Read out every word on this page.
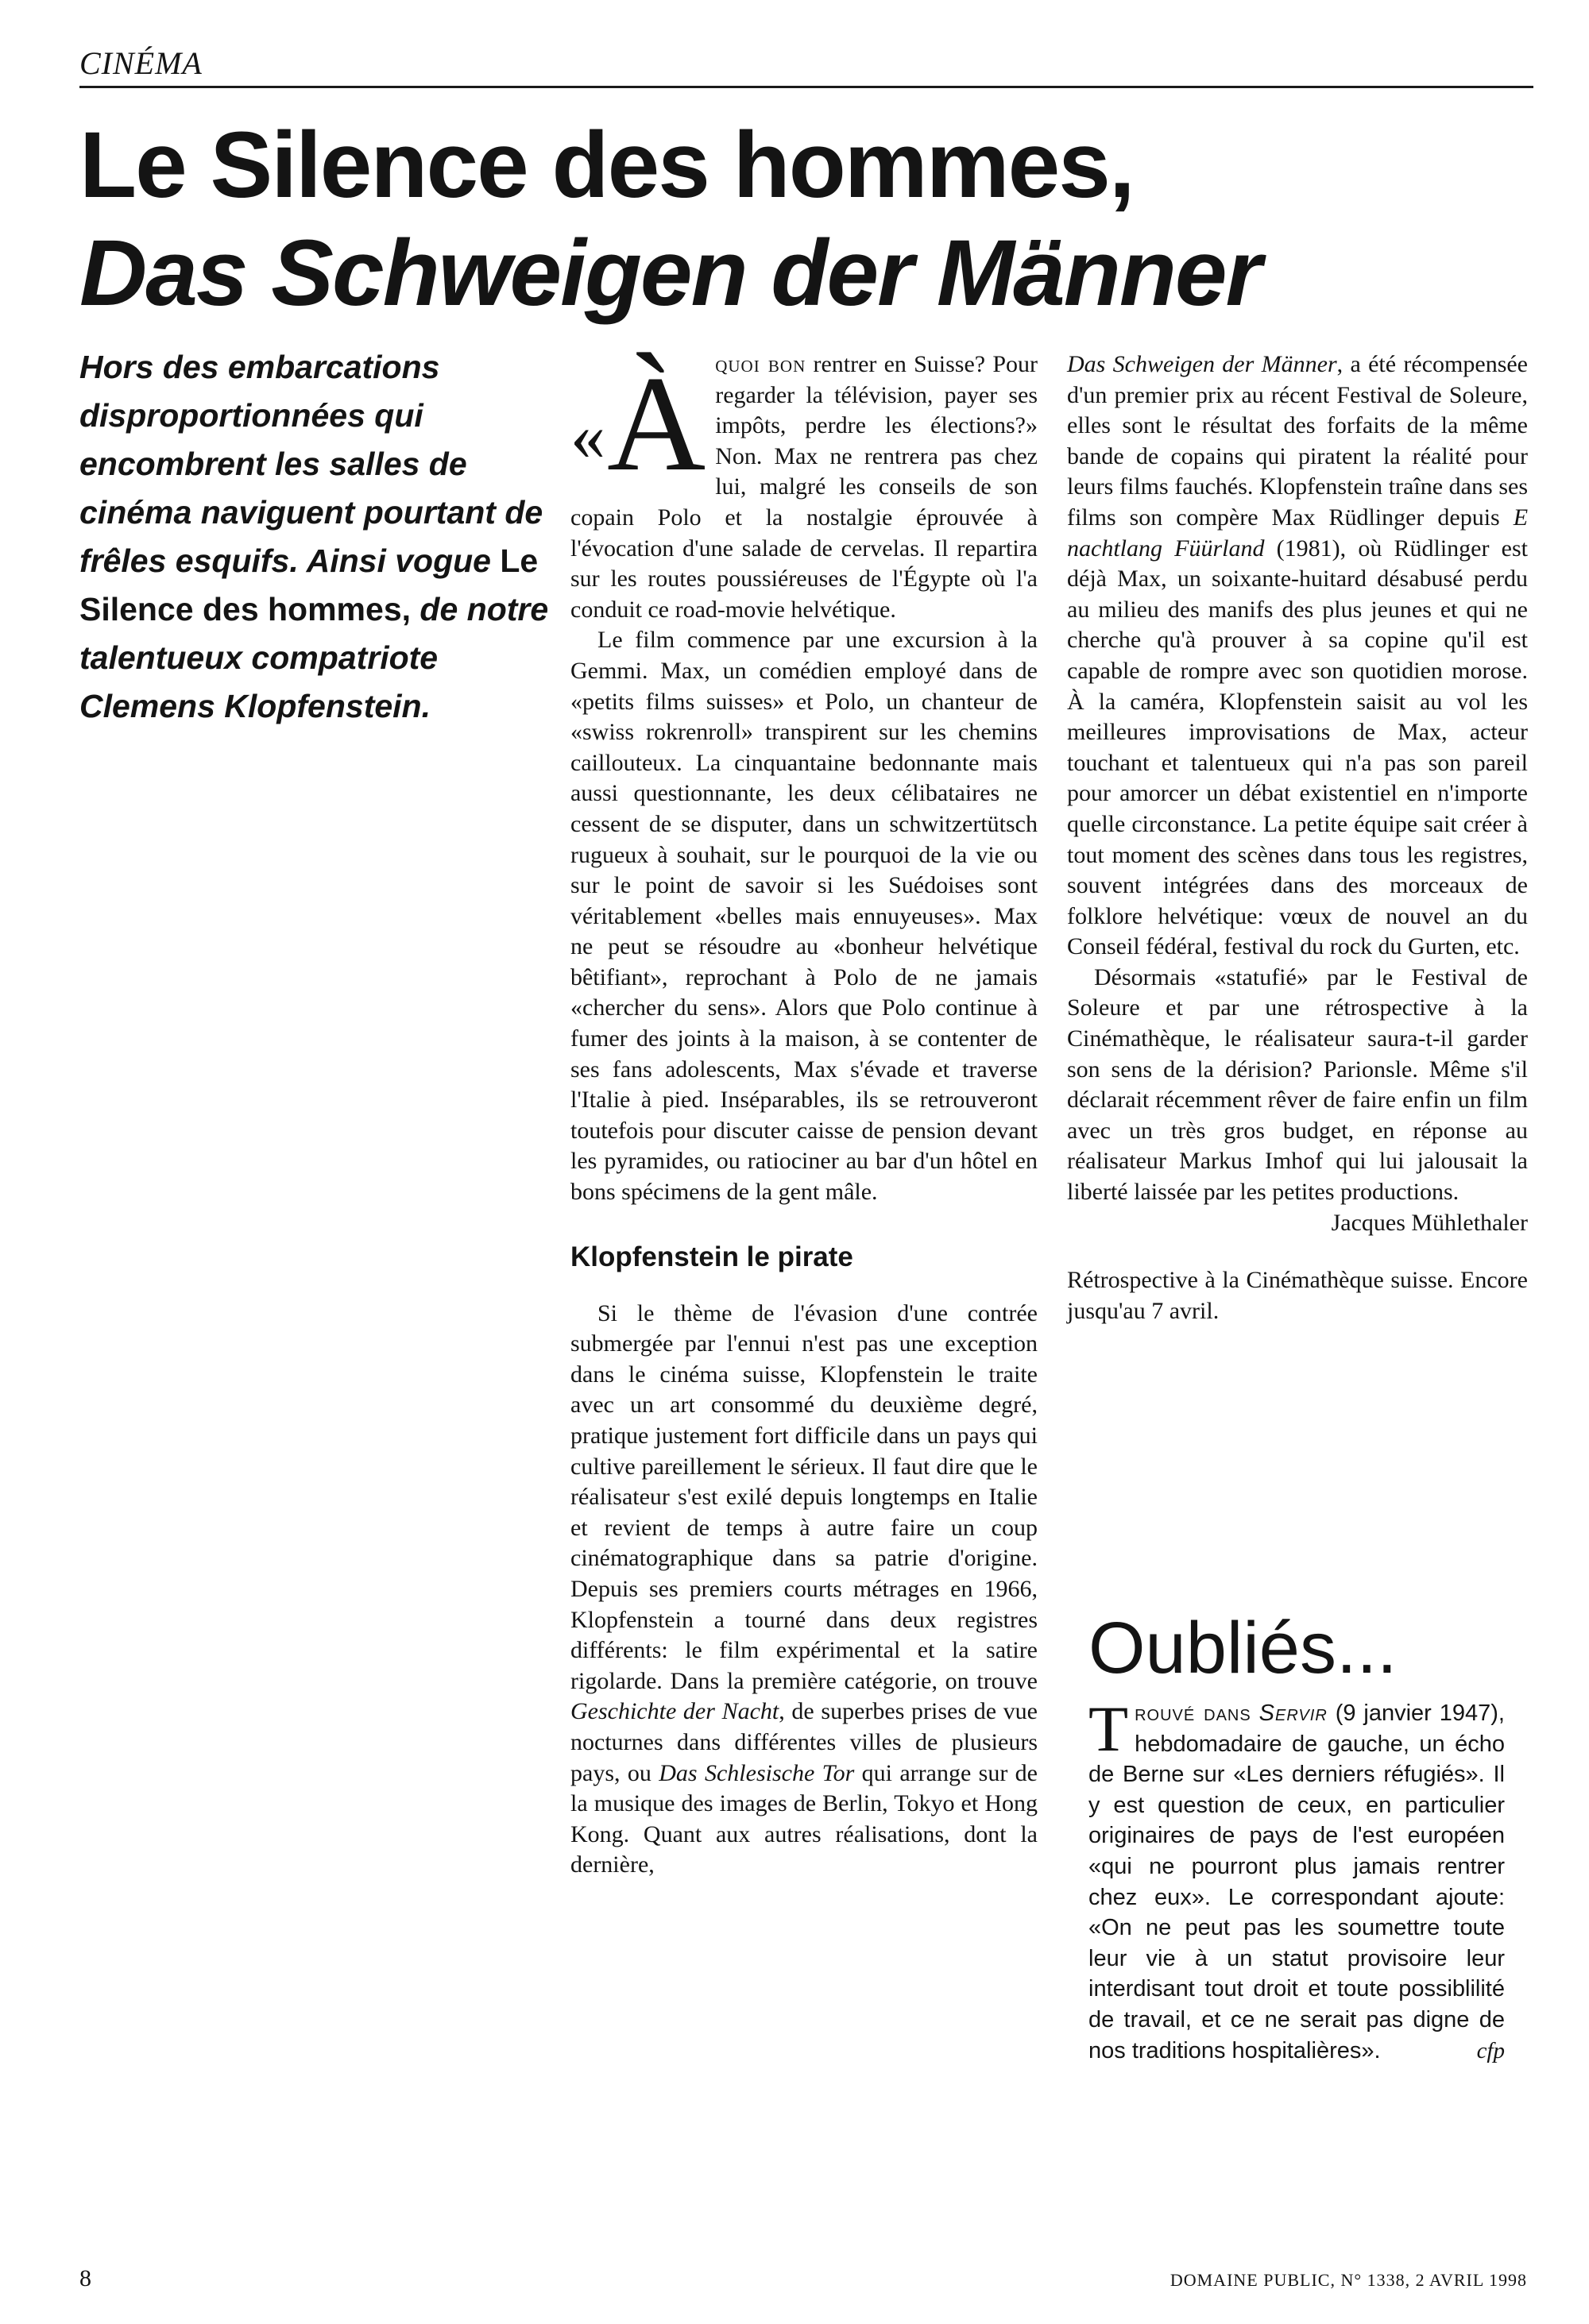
CINÉMA
Le Silence des hommes,
Das Schweigen der Männer
Hors des embarcations disproportionnées qui encombrent les salles de cinéma naviguent pourtant de frêles esquifs. Ainsi vogue Le Silence des hommes, de notre talentueux compatriote Clemens Klopfenstein.

« À quoi bon rentrer en Suisse? Pour regarder la télévision, payer ses impôts, perdre les élections?» Non. Max ne rentrera pas chez lui, malgré les conseils de son copain Polo et la nostalgie éprouvée à l'évocation d'une salade de cervelas. Il repartira sur les routes poussiéreuses de l'Égypte où l'a conduit ce road-movie helvétique.

Le film commence par une excursion à la Gemmi. Max, un comédien employé dans de «petits films suisses» et Polo, un chanteur de «swiss rokrenroll» transpirent sur les chemins caillouteux. La cinquantaine bedonnante mais aussi questionnante, les deux célibataires ne cessent de se disputer, dans un schwitzertütsch rugueux à souhait, sur le pourquoi de la vie ou sur le point de savoir si les Suédoises sont véritablement «belles mais ennuyeuses». Max ne peut se résoudre au «bonheur helvétique bêtifiant», reprochant à Polo de ne jamais «chercher du sens». Alors que Polo continue à fumer des joints à la maison, à se contenter de ses fans adolescents, Max s'évade et traverse l'Italie à pied. Inséparables, ils se retrouveront toutefois pour discuter caisse de pension devant les pyramides, ou ratiociner au bar d'un hôtel en bons spécimens de la gent mâle.

Klopfenstein le pirate

Si le thème de l'évasion d'une contrée submergée par l'ennui n'est pas une exception dans le cinéma suisse, Klopfenstein le traite avec un art consommé du deuxième degré, pratique justement fort difficile dans un pays qui cultive pareillement le sérieux. Il faut dire que le réalisateur s'est exilé depuis longtemps en Italie et revient de temps à autre faire un coup cinématographique dans sa patrie d'origine. Depuis ses premiers courts métrages en 1966, Klopfenstein a tourné dans deux registres différents: le film expérimental et la satire rigolarde. Dans la première catégorie, on trouve Geschichte der Nacht, de superbes prises de vue nocturnes dans différentes villes de plusieurs pays, ou Das Schlesische Tor qui arrange sur de la musique des images de Berlin, Tokyo et Hong Kong. Quant aux autres réalisations, dont la dernière,

Das Schweigen der Männer, a été récompensée d'un premier prix au récent Festival de Soleure, elles sont le résultat des forfaits de la même bande de copains qui piratent la réalité pour leurs films fauchés. Klopfenstein traîne dans ses films son compère Max Rüdlinger depuis E nachtlang Füürland (1981), où Rüdlinger est déjà Max, un soixante-huitard désabusé perdu au milieu des manifs des plus jeunes et qui ne cherche qu'à prouver à sa copine qu'il est capable de rompre avec son quotidien morose. À la caméra, Klopfenstein saisit au vol les meilleures improvisations de Max, acteur touchant et talentueux qui n'a pas son pareil pour amorcer un débat existentiel en n'importe quelle circonstance. La petite équipe sait créer à tout moment des scènes dans tous les registres, souvent intégrées dans des morceaux de folklore helvétique: vœux de nouvel an du Conseil fédéral, festival du rock du Gurten, etc.

Désormais «statufié» par le Festival de Soleure et par une rétrospective à la Cinémathèque, le réalisateur saura-t-il garder son sens de la dérision? Parionsle. Même s'il déclarait récemment rêver de faire enfin un film avec un très gros budget, en réponse au réalisateur Markus Imhof qui lui jalousait la liberté laissée par les petites productions.

Jacques Mühlethaler

Rétrospective à la Cinémathèque suisse. Encore jusqu'au 7 avril.

Oubliés...
T rouvé dans Servir (9 janvier 1947), hebdomadaire de gauche, un écho de Berne sur «Les derniers réfugiés». Il y est question de ceux, en particulier originaires de pays de l'est européen «qui ne pourront plus jamais rentrer chez eux». Le correspondant ajoute: «On ne peut pas les soumettre toute leur vie à un statut provisoire leur interdisant tout droit et toute possiblilité de travail, et ce ne serait pas digne de nos traditions hospitalières».	cfp
8	DOMAINE PUBLIC, N° 1338, 2 AVRIL 1998
